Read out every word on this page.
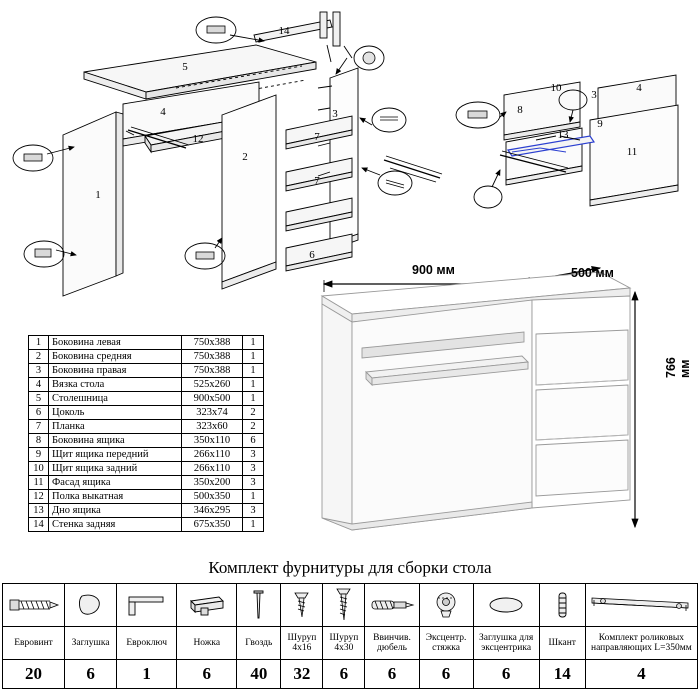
1
2
3
4
5
6
7
7
12
14
8
10	4
9
11
13
3
1	Боковина левая	750x388	1
2	Боковина средняя	750x388	1
3	Боковина правая	750x388	1
4	Вязка стола	525x260	1
5	Столешница	900x500	1
6	Цоколь	323x74	2
7	Планка	323x60	2
8	Боковина ящика	350x110	6
9	Щит ящика передний	266x110	3
10	Щит ящика задний	266x110	3
11	Фасад ящика	350x200	3
12	Полка выкатная	500x350	1
13	Дно ящика	346x295	3
14	Стенка задняя	675x350	1
900 мм	500 мм
766 мм
Комплект фурнитуры для сборки стола

Еврoвинт	Заглушка	Евроключ	Ножка	Гвоздь	Шуруп 4х16	Шуруп 4х30	Ввинчив. дюбель	Эксцентр. стяжка	Заглушка для эксцентрика	Шкант	Комплект роликовых направляющих L=350мм
20	6	1	6	40	32	6	6	6	6	14	4
